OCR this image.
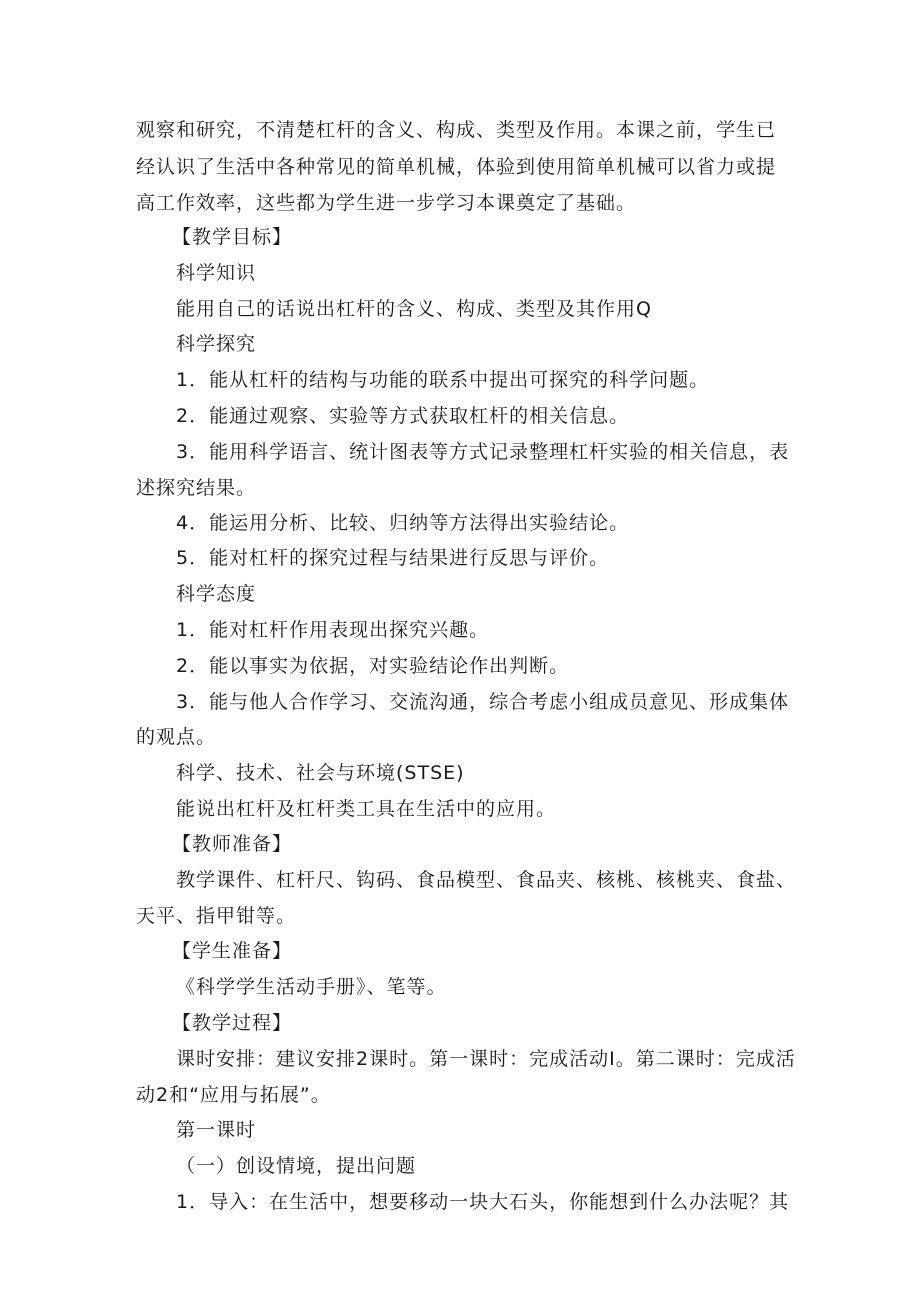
观察和研究，不清楚杠杆的含义、构成、类型及作用。本课之前，学生已
经认识了生活中各种常见的简单机械，体验到使用简单机械可以省力或提
高工作效率，这些都为学生进一步学习本课奠定了基础。
【教学目标】
科学知识
能用自己的话说出杠杆的含义、构成、类型及其作用Q
科学探究
1．能从杠杆的结构与功能的联系中提出可探究的科学问题。
2．能通过观察、实验等方式获取杠杆的相关信息。
3．能用科学语言、统计图表等方式记录整理杠杆实验的相关信息，表
述探究结果。
4．能运用分析、比较、归纳等方法得出实验结论。
5．能对杠杆的探究过程与结果进行反思与评价。
科学态度
1．能对杠杆作用表现出探究兴趣。
2．能以事实为依据，对实验结论作出判断。
3．能与他人合作学习、交流沟通，综合考虑小组成员意见、形成集体
的观点。
科学、技术、社会与环境(STSE)
能说出杠杆及杠杆类工具在生活中的应用。
【教师准备】
教学课件、杠杆尺、钩码、食品模型、食品夹、核桃、核桃夹、食盐、
天平、指甲钳等。
【学生准备】
《科学学生活动手册》、笔等。
【教学过程】
课时安排：建议安排2课时。第一课时：完成活动I。第二课时：完成活
动2和“应用与拓展”。
第一课时
（一）创设情境，提出问题
1．导入：在生活中，想要移动一块大石头，你能想到什么办法呢？其
